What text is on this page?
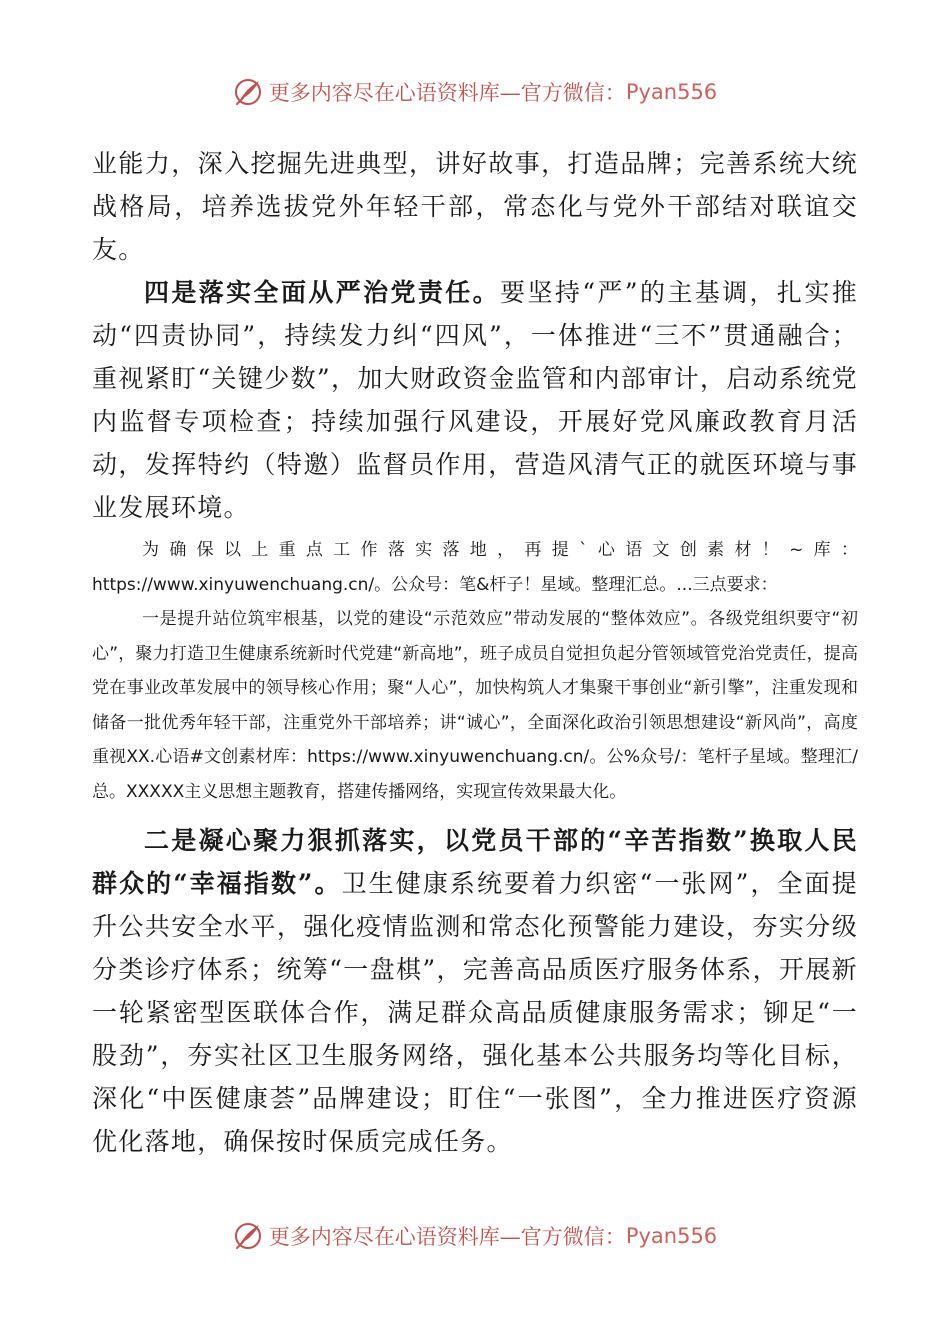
更多内容尽在心语资料库—官方微信： Pyan556

业能力，深入挖掘先进典型，讲好故事，打造品牌；完善系统大统战格局，培养选拔党外年轻干部，常态化与党外干部结对联谊交友。

四是落实全面从严治党责任。要坚持“严”的主基调，扎实推动“四责协同”，持续发力纠“四风”，一体推进“三不”贯通融合；重视紧盯“关键少数”，加大财政资金监管和内部审计，启动系统党内监督专项检查；持续加强行风建设，开展好党风廉政教育月活动，发挥特约（特邀）监督员作用，营造风清气正的就医环境与事业发展环境。

为确保以上重点工作落实落地，再提`心语文创素材！~库：https://www.xinyuwenchuang.cn/。公众号：笔&杆子！星域。整理汇总。...三点要求：

一是提升站位筑牢根基，以党的建设“示范效应”带动发展的“整体效应”。各级党组织要守“初心”，聚力打造卫生健康系统新时代党建“新高地”，班子成员自觉担负起分管领域管党治党责任，提高党在事业改革发展中的领导核心作用；聚“人心”，加快构筑人才集聚干事创业“新引擎”，注重发现和储备一批优秀年轻干部，注重党外干部培养；讲“诚心”，全面深化政治引领思想建设“新风尚”，高度重视XX.心语#文创素材库：https://www.xinyuwenchuang.cn/。公%众号/：笔杆子星域。整理汇/总。XXXXX主义思想主题教育，搭建传播网络，实现宣传效果最大化。

二是凝心聚力狠抓落实，以党员干部的“辛苦指数”换取人民群众的“幸福指数”。卫生健康系统要着力织密“一张网”，全面提升公共安全水平，强化疫情监测和常态化预警能力建设，夯实分级分类诊疗体系；统筹“一盘棋”，完善高品质医疗服务体系，开展新一轮紧密型医联体合作，满足群众高品质健康服务需求；铆足“一股劲”，夯实社区卫生服务网络，强化基本公共服务均等化目标，深化“中医健康荟”品牌建设；盯住“一张图”，全力推进医疗资源优化落地，确保按时保质完成任务。

更多内容尽在心语资料库—官方微信： Pyan556
